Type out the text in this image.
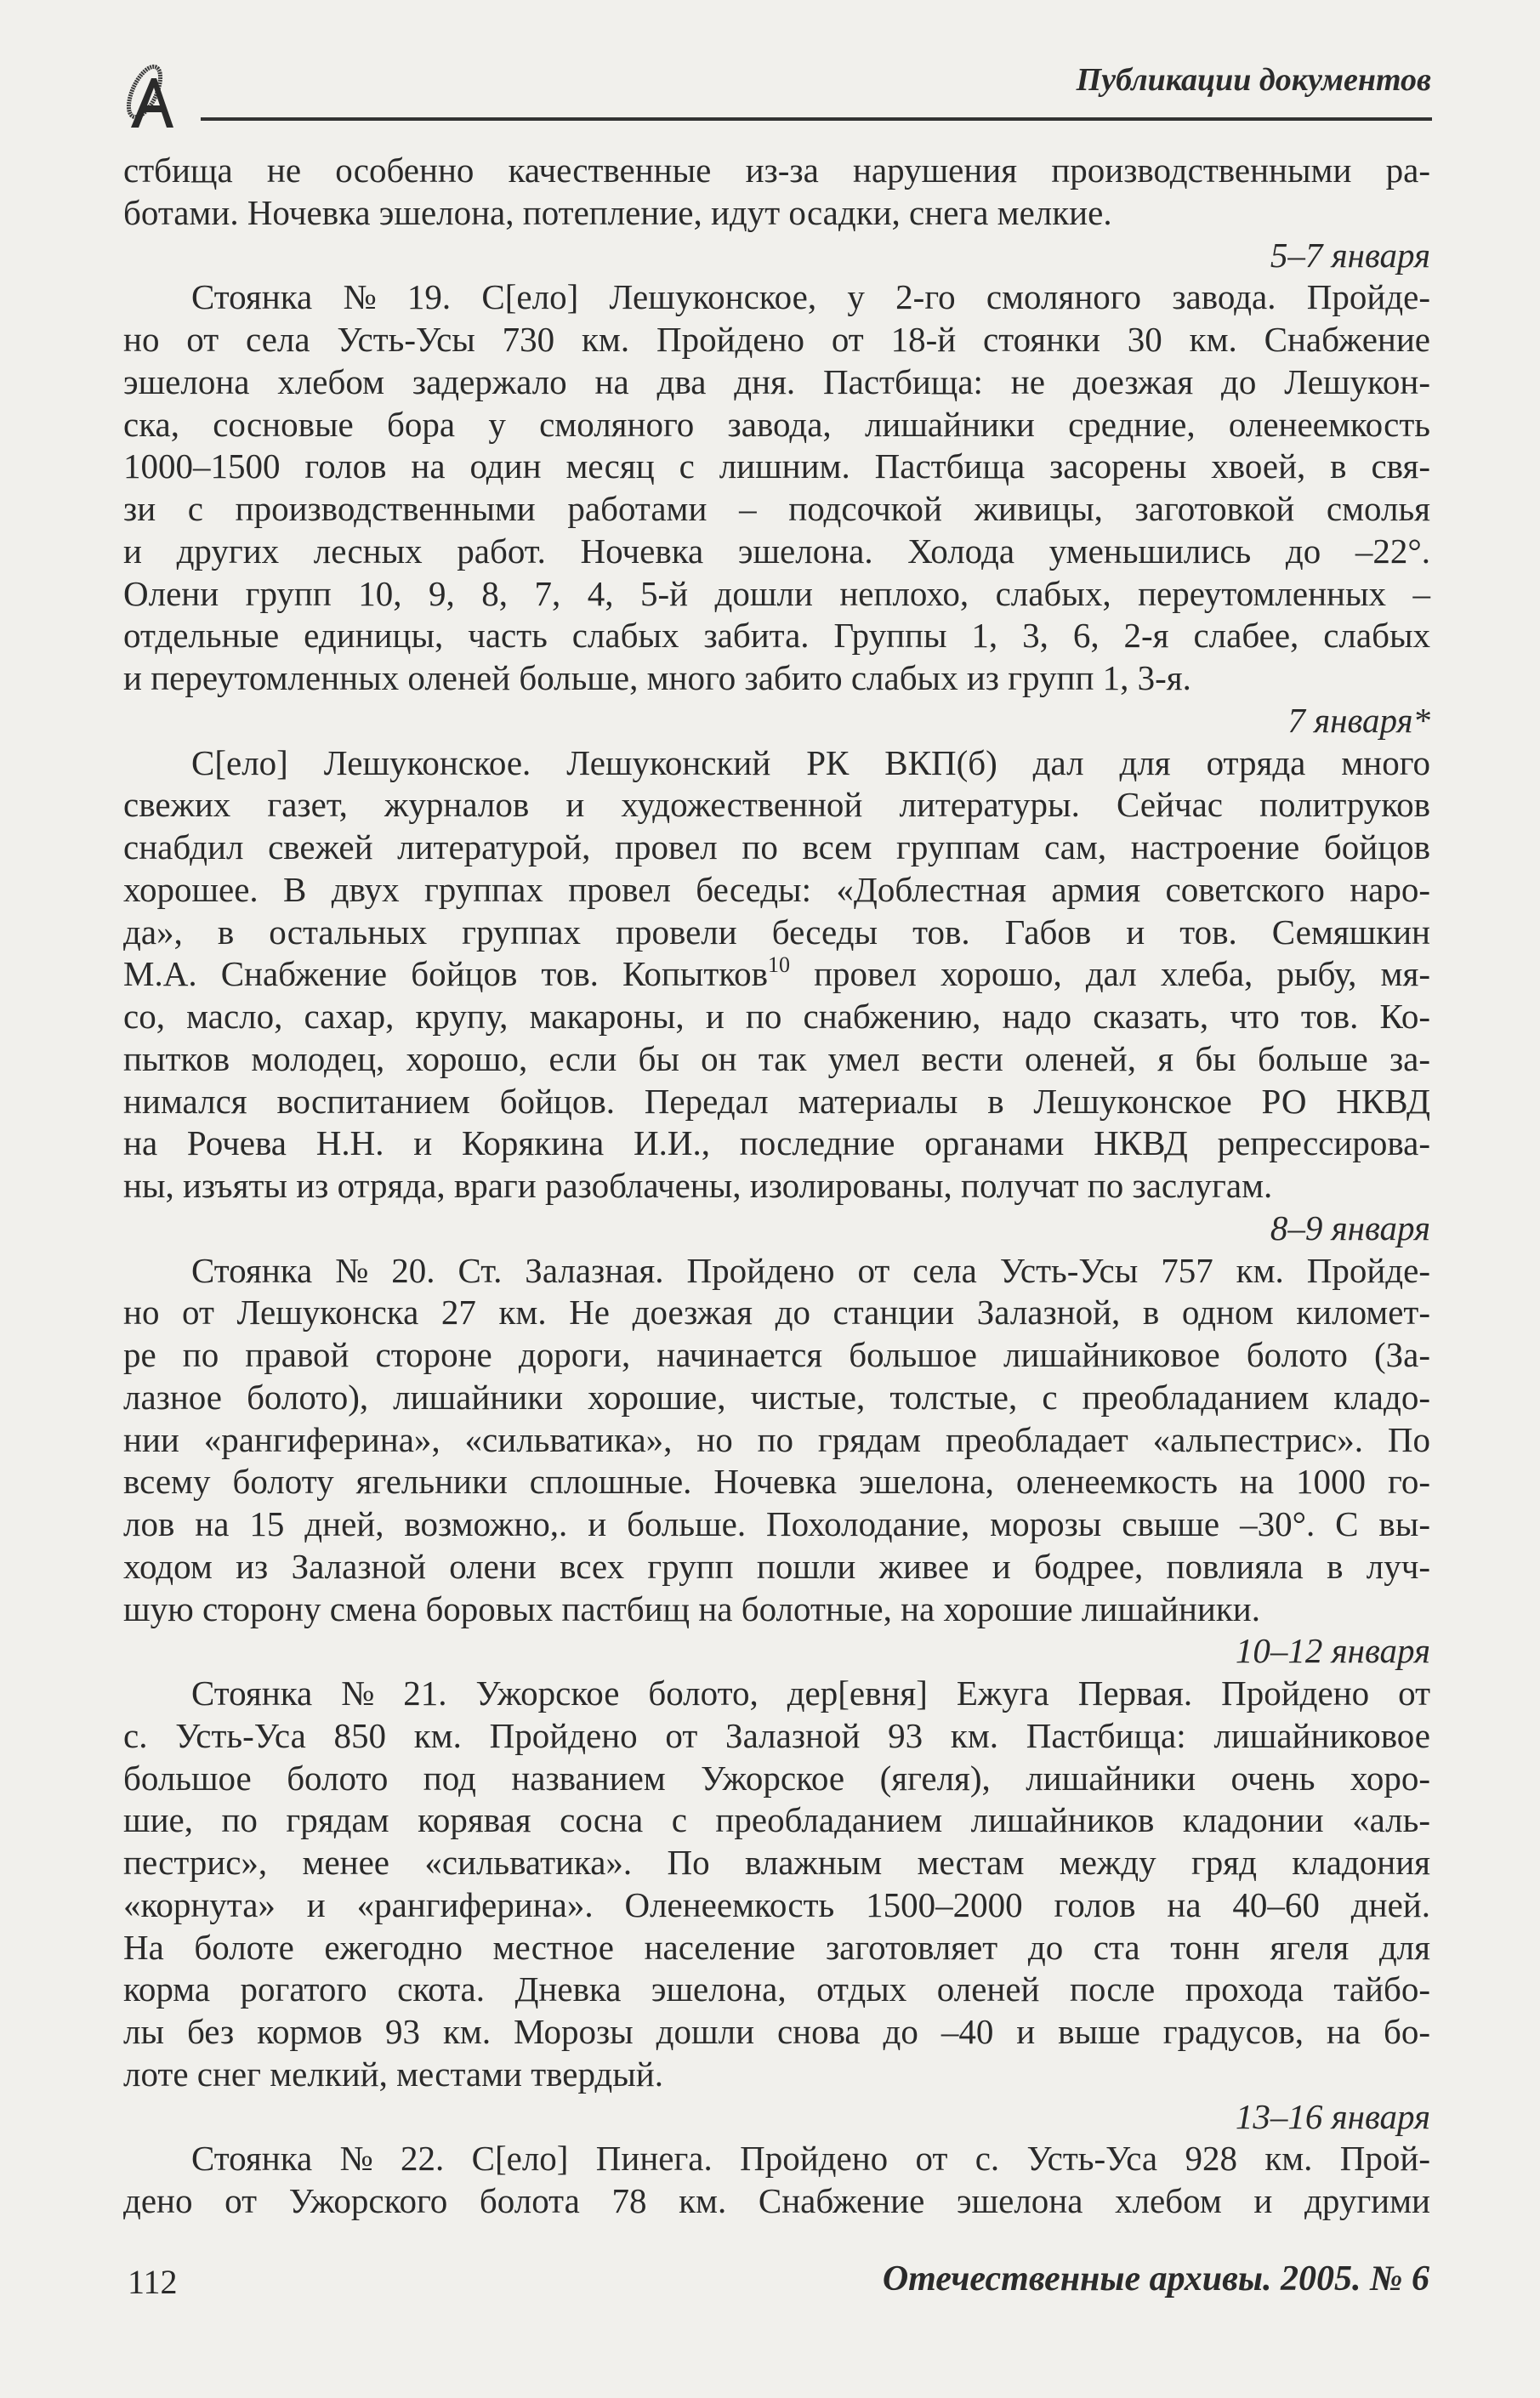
Публикации документов
стбища не особенно качественные из-за нарушения производственными ра-
ботами. Ночевка эшелона, потепление, идут осадки, снега мелкие.
5–7 января
Стоянка № 19. С[ело] Лешуконское, у 2-го смоляного завода. Пройде-
но от села Усть-Усы 730 км. Пройдено от 18-й стоянки 30 км. Снабжение
эшелона хлебом задержало на два дня. Пастбища: не доезжая до Лешукон-
ска, сосновые бора у смоляного завода, лишайники средние, оленеемкость
1000–1500 голов на один месяц с лишним. Пастбища засорены хвоей, в свя-
зи с производственными работами – подсочкой живицы, заготовкой смолья
и других лесных работ. Ночевка эшелона. Холода уменьшились до –22°.
Олени групп 10, 9, 8, 7, 4, 5-й дошли неплохо, слабых, переутомленных –
отдельные единицы, часть слабых забита. Группы 1, 3, 6, 2-я слабее, слабых
и переутомленных оленей больше, много забито слабых из групп 1, 3-я.
7 января*
С[ело] Лешуконское. Лешуконский РК ВКП(б) дал для отряда много
свежих газет, журналов и художественной литературы. Сейчас политруков
снабдил свежей литературой, провел по всем группам сам, настроение бойцов
хорошее. В двух группах провел беседы: «Доблестная армия советского наро-
да», в остальных группах провели беседы тов. Габов и тов. Семяшкин
М.А. Снабжение бойцов тов. Копытков$^{10}$ провел хорошо, дал хлеба, рыбу, мя-
со, масло, сахар, крупу, макароны, и по снабжению, надо сказать, что тов. Ко-
пытков молодец, хорошо, если бы он так умел вести оленей, я бы больше за-
нимался воспитанием бойцов. Передал материалы в Лешуконское РО НКВД
на Рочева Н.Н. и Корякина И.И., последние органами НКВД репрессирова-
ны, изъяты из отряда, враги разоблачены, изолированы, получат по заслугам.
8–9 января
Стоянка № 20. Ст. Залазная. Пройдено от села Усть-Усы 757 км. Пройде-
но от Лешуконска 27 км. Не доезжая до станции Залазной, в одном километ-
ре по правой стороне дороги, начинается большое лишайниковое болото (За-
лазное болото), лишайники хорошие, чистые, толстые, с преобладанием кладо-
нии «рангиферина», «сильватика», но по грядам преобладает «альпестрис». По
всему болоту ягельники сплошные. Ночевка эшелона, оленеемкость на 1000 го-
лов на 15 дней, возможно,. и больше. Похолодание, морозы свыше –30°. С вы-
ходом из Залазной олени всех групп пошли живее и бодрее, повлияла в луч-
шую сторону смена боровых пастбищ на болотные, на хорошие лишайники.
10–12 января
Стоянка № 21. Ужорское болото, дер[евня] Ежуга Первая. Пройдено от
с. Усть-Уса 850 км. Пройдено от Залазной 93 км. Пастбища: лишайниковое
большое болото под названием Ужорское (ягеля), лишайники очень хоро-
шие, по грядам корявая сосна с преобладанием лишайников кладонии «аль-
пестрис», менее «сильватика». По влажным местам между гряд кладония
«корнута» и «рангиферина». Оленеемкость 1500–2000 голов на 40–60 дней.
На болоте ежегодно местное население заготовляет до ста тонн ягеля для
корма рогатого скота. Дневка эшелона, отдых оленей после прохода тайбо-
лы без кормов 93 км. Морозы дошли снова до –40 и выше градусов, на бо-
лоте снег мелкий, местами твердый.
13–16 января
Стоянка № 22. С[ело] Пинега. Пройдено от с. Усть-Уса 928 км. Прой-
дено от Ужорского болота 78 км. Снабжение эшелона хлебом и другими
112	Отечественные архивы. 2005. № 6
